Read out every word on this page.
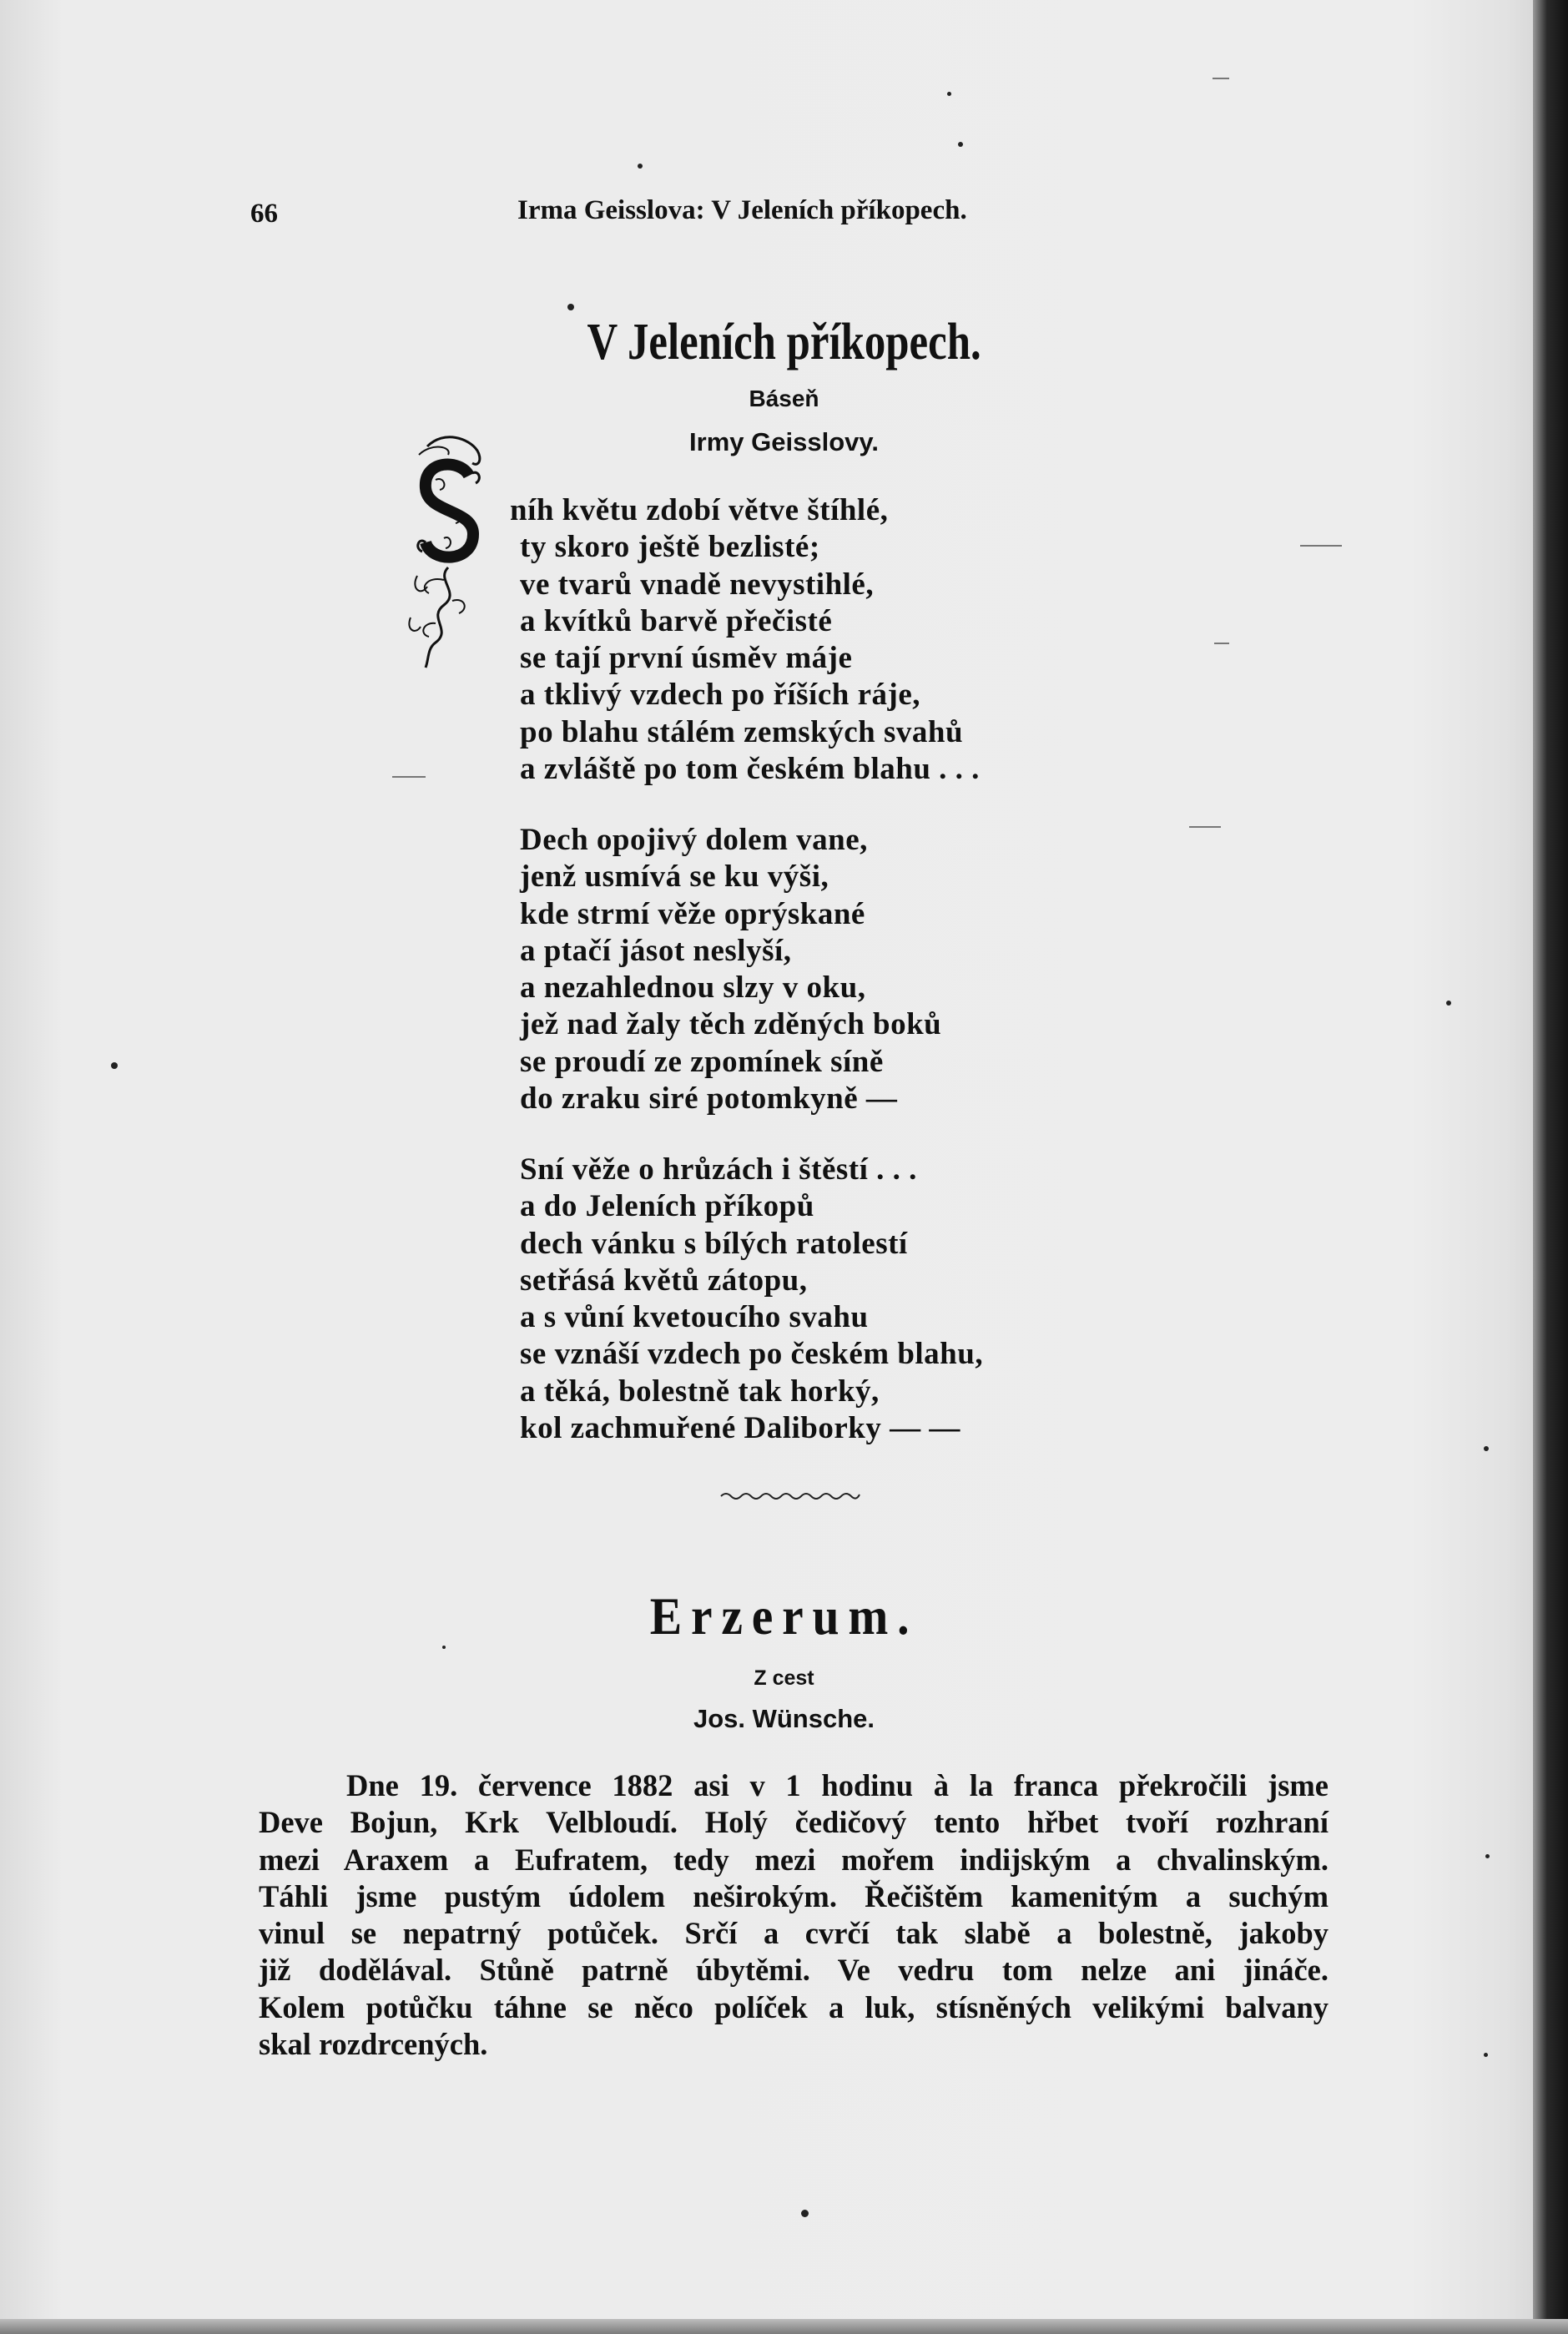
66	Irma Geisslova: V Jeleních příkopech.
V Jeleních příkopech.
Báseň
Irmy Geisslovy.
níh květu zdobí větve štíhlé,
ty skoro ještě bezlisté;
ve tvarů vnadě nevystihlé,
a kvítků barvě přečisté
se tají první úsměv máje
a tklivý vzdech po říších ráje,
po blahu stálém zemských svahů
a zvláště po tom českém blahu . . .
Dech opojivý dolem vane,
jenž usmívá se ku výši,
kde strmí věže oprýskané
a ptačí jásot neslyší,
a nezahlednou slzy v oku,
jež nad žaly těch zděných boků
se proudí ze zpomínek síně
do zraku siré potomkyně —
Sní věže o hrůzách i štěstí . . .
a do Jeleních příkopů
dech vánku s bílých ratolestí
setřásá květů zátopu,
a s vůní kvetoucího svahu
se vznáší vzdech po českém blahu,
a těká, bolestně tak horký,
kol zachmuřené Daliborky — —
Erzerum.
Z cest
Jos. Wünsche.
Dne 19. července 1882 asi v 1 hodinu à la franca překročili jsme
Deve Bojun, Krk Velbloudí. Holý čedičový tento hřbet tvoří rozhraní
mezi Araxem a Eufratem, tedy mezi mořem indijským a chvalinským.
Táhli jsme pustým údolem neširokým. Řečištěm kamenitým a suchým
vinul se nepatrný potůček. Srčí a cvrčí tak slabě a bolestně, jakoby
již dodělával. Stůně patrně úbytěmi. Ve vedru tom nelze ani jináče.
Kolem potůčku táhne se něco políček a luk, stísněných velikými balvany
skal rozdrcených.
